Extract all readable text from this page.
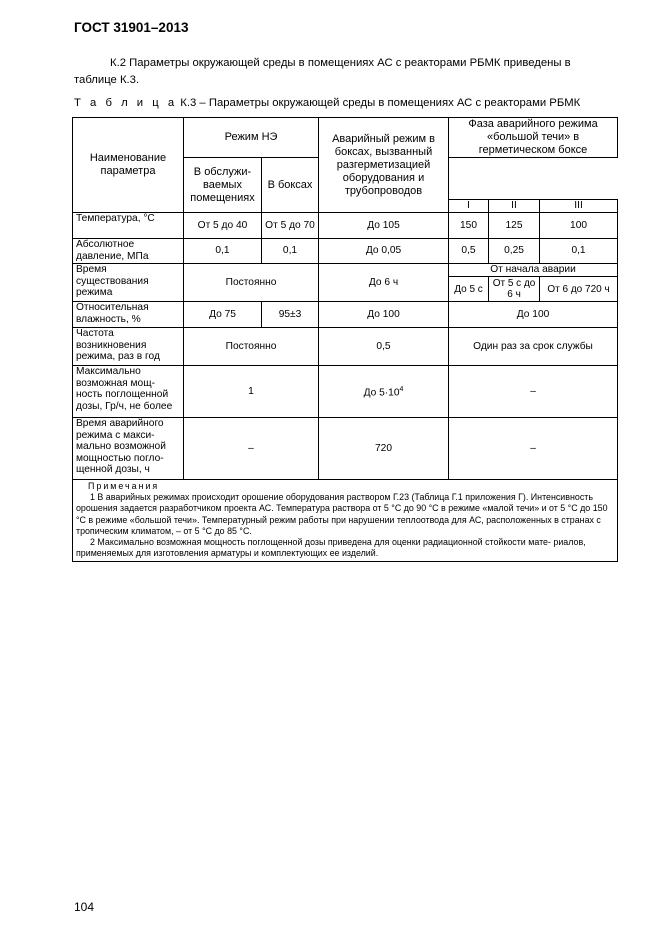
ГОСТ 31901–2013

К.2 Параметры окружающей среды в помещениях АС с реакторами РБМК приведены в таблице К.3.

Т а б л и ц а К.3 – Параметры окружающей среды в помещениях АС с реакторами РБМК
Наименование параметра	Режим НЭ		Аварийный режим в боксах, вызванный разгерметизацией оборудования и трубопроводов	Фаза аварийного режима «большой течи» в герметическом боксе		
	В обслужи- ваемых помещениях	В боксах				
				I	II	III
Температура, °С	От 5 до 40	От 5 до 70	До 105	150	125	100
Абсолютное давление, МПа	0,1	0,1	До 0,05	0,5	0,25	0,1
Время существования режима	Постоянно		До 6 ч	От начала аварии		
				До 5 с	От 5 с до 6 ч	От 6 до 720 ч
Относительная влажность, %	До 75	95±3	До 100	До 100		
Частота возникновения режима, раз в год	Постоянно		0,5	Один раз за срок службы		
Максимально возможная мощ- ность поглощенной дозы, Гр/ч, не более	1		До $5\cdot 10^4$	–		
Время аварийного режима с макси- мально возможной мощностью погло- щенной дозы, ч	–		720	–		

Примечания
1 В аварийных режимах происходит орошение оборудования раствором Г.23 (Таблица Г.1 приложения Г). Интенсивность орошения задается разработчиком проекта АС. Температура раствора от 5 °С до 90 °С в режиме «малой течи» и от 5 °С до 150 °С в режиме «большой течи». Температурный режим работы при нарушении теплоотвода для АС, расположенных в странах с тропическим климатом, – от 5 °С до 85 °С.
2 Максимально возможная мощность поглощенной дозы приведена для оценки радиационной стойкости мате- риалов, применяемых для изготовления арматуры и комплектующих ее изделий.						
104
